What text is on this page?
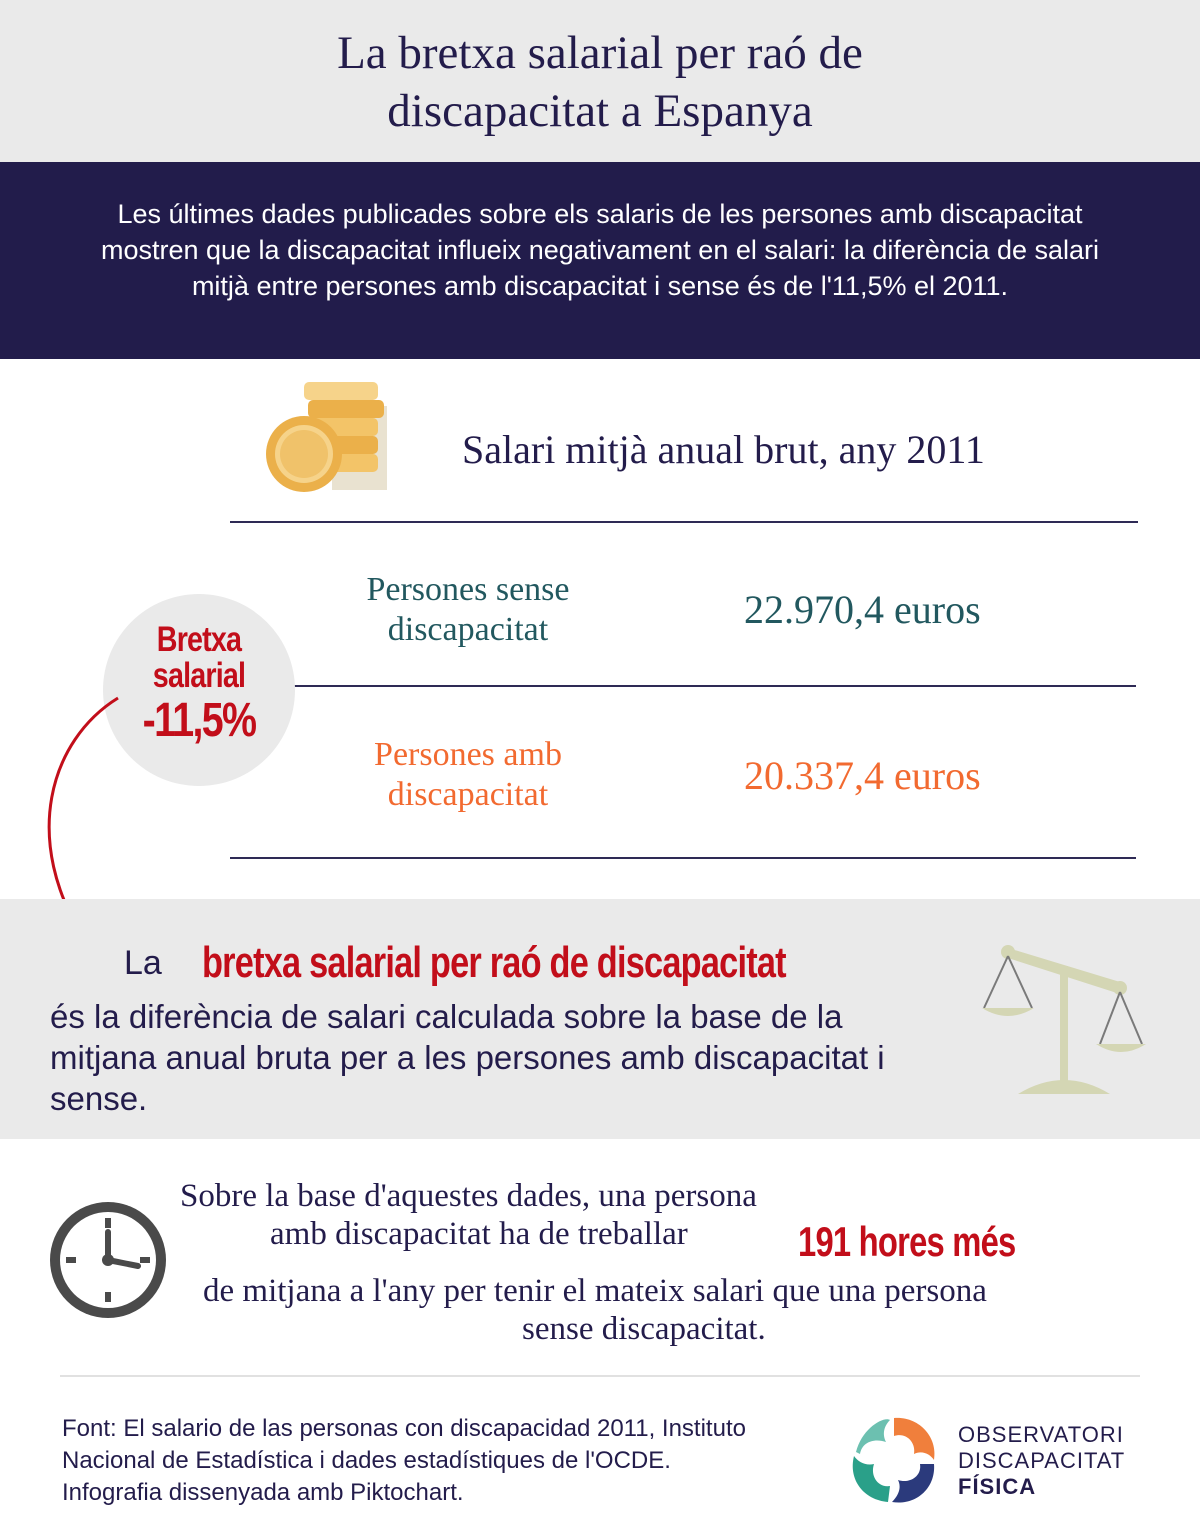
La bretxa salarial per raó de
discapacitat a Espanya
Les últimes dades publicades sobre els salaris de les persones amb discapacitat mostren que la discapacitat influeix negativament en el salari: la diferència de salari mitjà entre persones amb discapacitat i sense és de l'11,5% el 2011.
Salari mitjà anual brut, any 2011
Persones sense
discapacitat	22.970,4 euros
Persones amb
discapacitat	20.337,4 euros
Bretxa
salarial
-11,5%
La bretxa salarial per raó de discapacitat
és la diferència de salari calculada sobre la base de la mitjana anual bruta per a les persones amb discapacitat i sense.
Sobre la base d'aquestes dades, una persona
amb discapacitat ha de treballar	191 hores més
de mitjana a l'any per tenir el mateix salari que una persona
sense discapacitat.
Font: El salario de las personas con discapacidad 2011, Instituto
Nacional de Estadística i dades estadístiques de l'OCDE.
Infografia dissenyada amb Piktochart.
OBSERVATORI
DISCAPACITAT
FÍSICA
